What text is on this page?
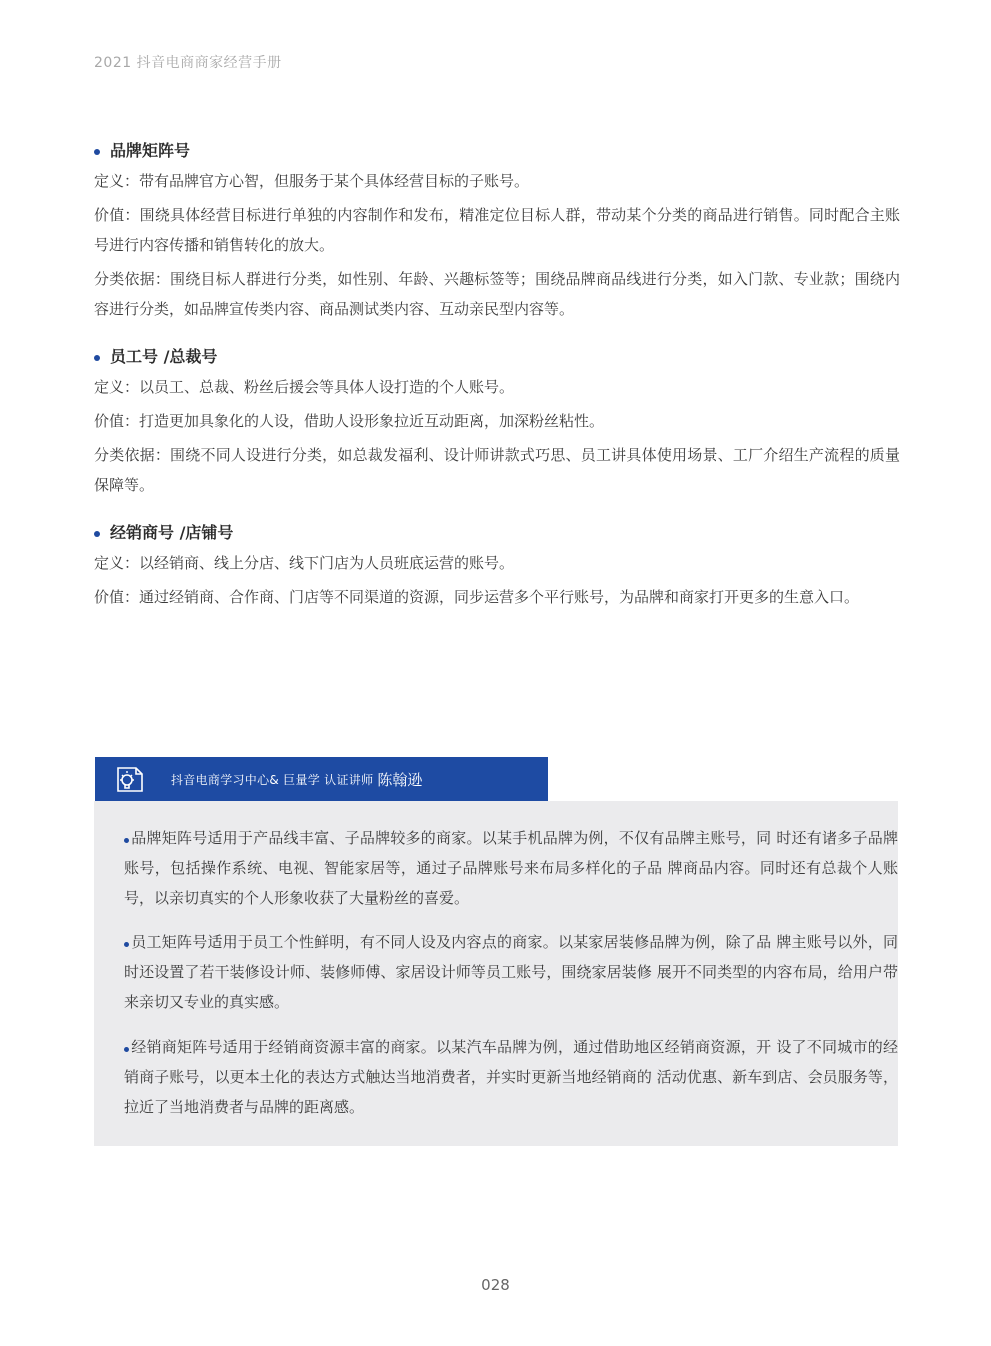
2021 抖音电商商家经营手册
品牌矩阵号
定义：带有品牌官方心智，但服务于某个具体经营目标的子账号。
价值：围绕具体经营目标进行单独的内容制作和发布，精准定位目标人群，带动某个分类的商品进行销售。同时配合主账号进行内容传播和销售转化的放大。
分类依据：围绕目标人群进行分类，如性别、年龄、兴趣标签等；围绕品牌商品线进行分类，如入门款、专业款；围绕内容进行分类，如品牌宣传类内容、商品测试类内容、互动亲民型内容等。
员工号 /总裁号
定义：以员工、总裁、粉丝后援会等具体人设打造的个人账号。
价值：打造更加具象化的人设，借助人设形象拉近互动距离，加深粉丝粘性。
分类依据：围绕不同人设进行分类，如总裁发福利、设计师讲款式巧思、员工讲具体使用场景、工厂介绍生产流程的质量保障等。
经销商号 /店铺号
定义：以经销商、线上分店、线下门店为人员班底运营的账号。
价值：通过经销商、合作商、门店等不同渠道的资源，同步运营多个平行账号，为品牌和商家打开更多的生意入口。
抖音电商学习中心& 巨量学 认证讲师 陈翰逊
品牌矩阵号适用于产品线丰富、子品牌较多的商家。以某手机品牌为例，不仅有品牌主账号，同 时还有诸多子品牌账号，包括操作系统、电视、智能家居等，通过子品牌账号来布局多样化的子品 牌商品内容。同时还有总裁个人账号，以亲切真实的个人形象收获了大量粉丝的喜爱。
员工矩阵号适用于员工个性鲜明，有不同人设及内容点的商家。以某家居装修品牌为例，除了品 牌主账号以外，同时还设置了若干装修设计师、装修师傅、家居设计师等员工账号，围绕家居装修 展开不同类型的内容布局，给用户带来亲切又专业的真实感。
经销商矩阵号适用于经销商资源丰富的商家。以某汽车品牌为例，通过借助地区经销商资源，开 设了不同城市的经销商子账号，以更本土化的表达方式触达当地消费者，并实时更新当地经销商的 活动优惠、新车到店、会员服务等，拉近了当地消费者与品牌的距离感。
028
